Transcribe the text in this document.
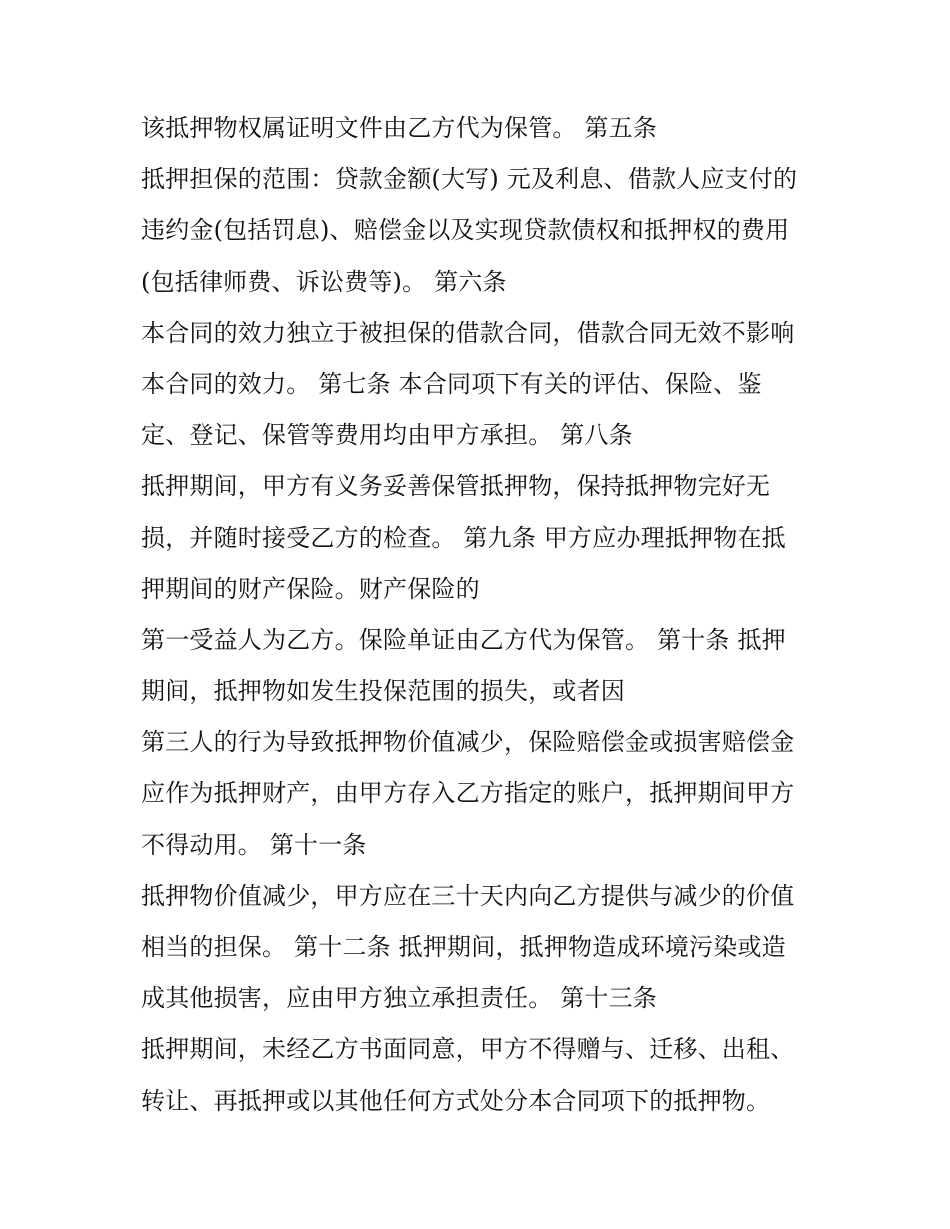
该抵押物权属证明文件由乙方代为保管。 第五条
抵押担保的范围：贷款金额(大写) 元及利息、借款人应支付的
违约金(包括罚息)、赔偿金以及实现贷款债权和抵押权的费用
(包括律师费、诉讼费等)。 第六条
本合同的效力独立于被担保的借款合同，借款合同无效不影响
本合同的效力。 第七条 本合同项下有关的评估、保险、鉴
定、登记、保管等费用均由甲方承担。 第八条
抵押期间，甲方有义务妥善保管抵押物，保持抵押物完好无
损，并随时接受乙方的检查。 第九条 甲方应办理抵押物在抵
押期间的财产保险。财产保险的
第一受益人为乙方。保险单证由乙方代为保管。 第十条 抵押
期间，抵押物如发生投保范围的损失，或者因
第三人的行为导致抵押物价值减少，保险赔偿金或损害赔偿金
应作为抵押财产，由甲方存入乙方指定的账户，抵押期间甲方
不得动用。 第十一条
抵押物价值减少，甲方应在三十天内向乙方提供与减少的价值
相当的担保。 第十二条 抵押期间，抵押物造成环境污染或造
成其他损害，应由甲方独立承担责任。 第十三条
抵押期间，未经乙方书面同意，甲方不得赠与、迁移、出租、
转让、再抵押或以其他任何方式处分本合同项下的抵押物。
